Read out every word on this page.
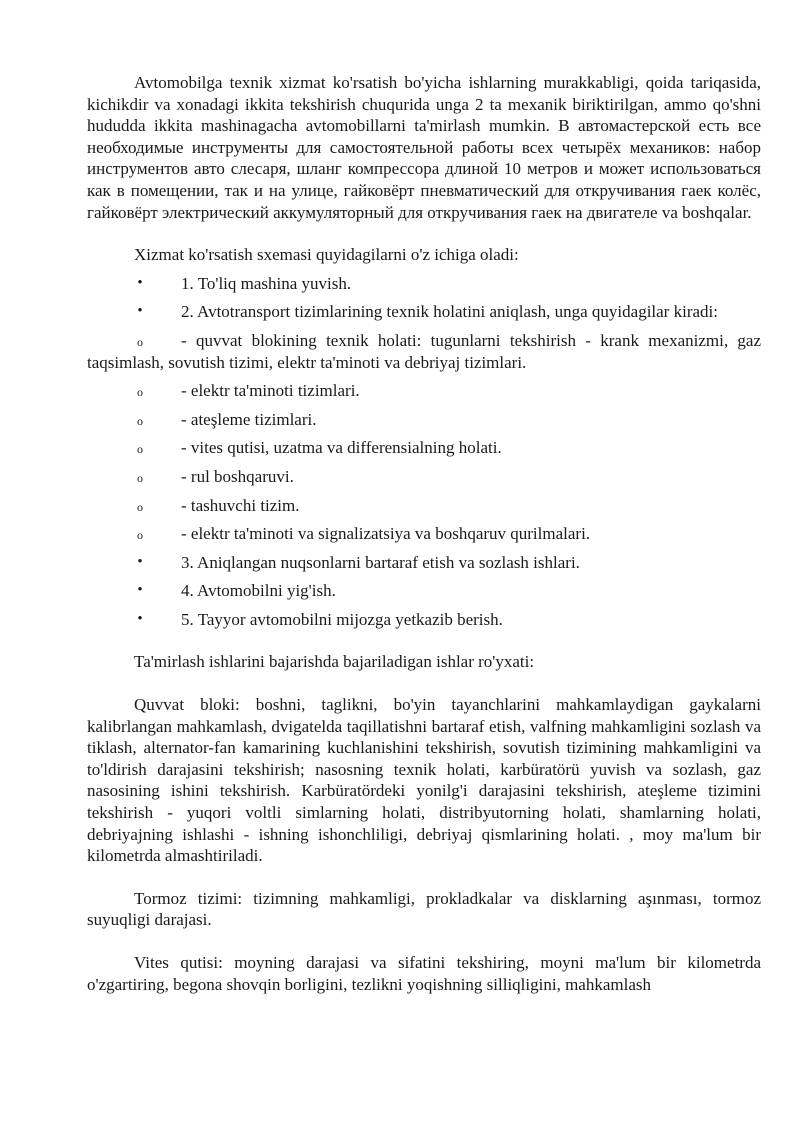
Avtomobilga texnik xizmat ko'rsatish bo'yicha ishlarning murakkabligi, qoida tariqasida, kichikdir va xonadagi ikkita tekshirish chuqurida unga 2 ta mexanik biriktirilgan, ammo qo'shni hududda ikkita mashinagacha avtomobillarni ta'mirlash mumkin. В автомастерской есть все необходимые инструменты для самостоятельной работы всех четырёх механиков: набор инструментов авто слесаря, шланг компрессора длиной 10 метров и может использоваться как в помещении, так и на улице, гайковёрт пневматический для откручивания гаек колёс, гайковёрт электрический аккумуляторный для откручивания гаек на двигателе va boshqalar.

Xizmat ko'rsatish sxemasi quyidagilarni o'z ichiga oladi:

• 1. To'liq mashina yuvish.
• 2. Avtotransport tizimlarining texnik holatini aniqlash, unga quyidagilar kiradi:
o - quvvat blokining texnik holati: tugunlarni tekshirish - krank mexanizmi, gaz taqsimlash, sovutish tizimi, elektr ta'minoti va debriyaj tizimlari.
o - elektr ta'minoti tizimlari.
o - ateşleme tizimlari.
o - vites qutisi, uzatma va differensialning holati.
o - rul boshqaruvi.
o - tashuvchi tizim.
o - elektr ta'minoti va signalizatsiya va boshqaruv qurilmalari.
• 3. Aniqlangan nuqsonlarni bartaraf etish va sozlash ishlari.
• 4. Avtomobilni yig'ish.
• 5. Tayyor avtomobilni mijozga yetkazib berish.

Ta'mirlash ishlarini bajarishda bajariladigan ishlar ro'yxati:

Quvvat bloki: boshni, taglikni, bo'yin tayanchlarini mahkamlaydigan gaykalarni kalibrlangan mahkamlash, dvigatelda taqillatishni bartaraf etish, valfning mahkamligini sozlash va tiklash, alternator-fan kamarining kuchlanishini tekshirish, sovutish tizimining mahkamligini va to'ldirish darajasini tekshirish; nasosning texnik holati, karbüratörü yuvish va sozlash, gaz nasosining ishini tekshirish. Karbüratördeki yonilg'i darajasini tekshirish, ateşleme tizimini tekshirish - yuqori voltli simlarning holati, distribyutorning holati, shamlarning holati, debriyajning ishlashi - ishning ishonchliligi, debriyaj qismlarining holati. , moy ma'lum bir kilometrda almashtiriladi.

Tormoz tizimi: tizimning mahkamligi, prokladkalar va disklarning aşınması, tormoz suyuqligi darajasi.

Vites qutisi: moyning darajasi va sifatini tekshiring, moyni ma'lum bir kilometrda o'zgartiring, begona shovqin borligini, tezlikni yoqishning silliqligini, mahkamlash
